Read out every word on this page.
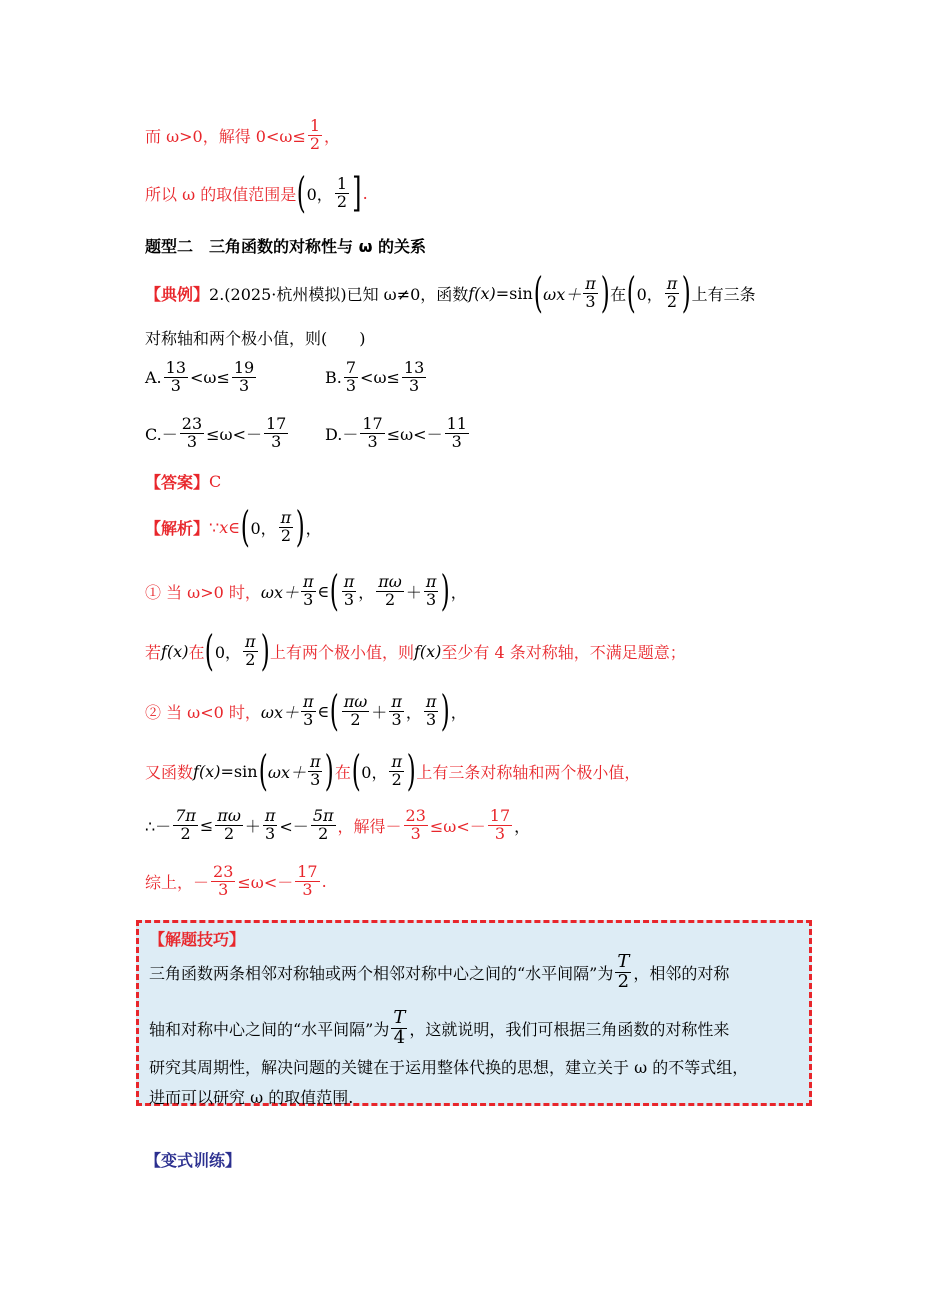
而 ω>0，解得 $0<\omega\le \frac{1}{2}$ ，
所以 ω 的取值范围是 ( 0， $\frac{1}{2}$ ] .
题型二　三角函数的对称性与 ω 的关系
【典例】 2.(2025·杭州模拟)已知 ω≠0，函数 f(x) =sin ( $\omega x+ \frac{\pi}{3}$ ) 在 ( 0， $\frac{\pi}{2}$ ) 上有三条
对称轴和两个极小值，则(　　)
A. $\frac{13}{3} <\omega\le \frac{19}{3}$	B. $\frac{7}{3} <\omega\le \frac{13}{3}$
$C.- \frac{23}{3} \le\omega<- \frac{17}{3} D.- \frac{17}{3} \le\omega<- \frac{11}{3}$
【答案】 C
【解析】 ∵ x ∈ ( 0， $\frac{\pi}{2}$ ) ，
① 当 ω>0 时， $\omega x+ \frac{\pi}{3}$ ∈ ( $\frac{\pi}{3}$ ， $\frac{\pi\omega}{2} + \frac{\pi}{3}$ ) ，
若 f(x) 在 ( 0， $\frac{\pi}{2}$ ) 上有两个极小值，则 f(x) 至少有 4 条对称轴，不满足题意；
② 当 ω<0 时， $\omega x+ \frac{\pi}{3}$ ∈ ( $\frac{\pi\omega}{2} + \frac{\pi}{3}$ ， $\frac{\pi}{3}$ ) ，
又函数 f(x) =sin ( $\omega x+ \frac{\pi}{3}$ ) 在 ( 0， $\frac{\pi}{2}$ ) 上有三条对称轴和两个极小值，
∴－ $\frac{7\pi}{2} \le \frac{\pi\omega}{2} + \frac{\pi}{3} <- \frac{5\pi}{2}$ ，解得－ $\frac{23}{3} \le\omega<- \frac{17}{3}$ ，
综上，－ $\frac{23}{3} \le\omega<- \frac{17}{3}$ .
【解题技巧】
三角函数两条相邻对称轴或两个相邻对称中心之间的“水平间隔”为 $\frac{T}{2}$ ，相邻的对称
轴和对称中心之间的“水平间隔”为 $\frac{T}{4}$ ，这就说明，我们可根据三角函数的对称性来
研究其周期性，解决问题的关键在于运用整体代换的思想，建立关于 ω 的不等式组，
进而可以研究 ω 的取值范围.
【变式训练】
